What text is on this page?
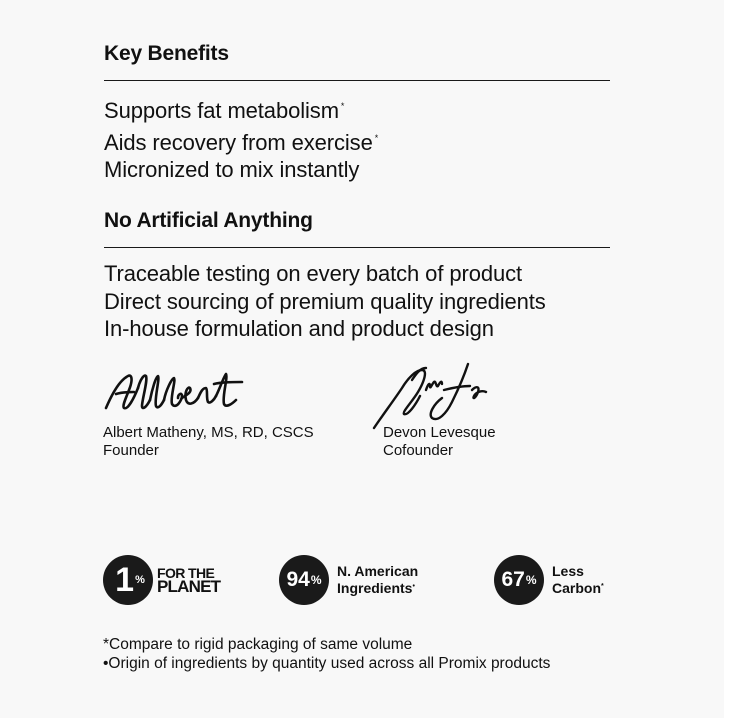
Key Benefits
Supports fat metabolism *
Aids recovery from exercise *
Micronized to mix instantly
No Artificial Anything
Traceable testing on every batch of product
Direct sourcing of premium quality ingredients
In-house formulation and product design
Albert Matheny, MS, RD, CSCS
Founder
Devon Levesque
Cofounder
1 % FOR THE
PLANET	94 %
N. American
Ingredients•	67 %
Less
Carbon*
*Compare to rigid packaging of same volume
•Origin of ingredients by quantity used across all Promix products
